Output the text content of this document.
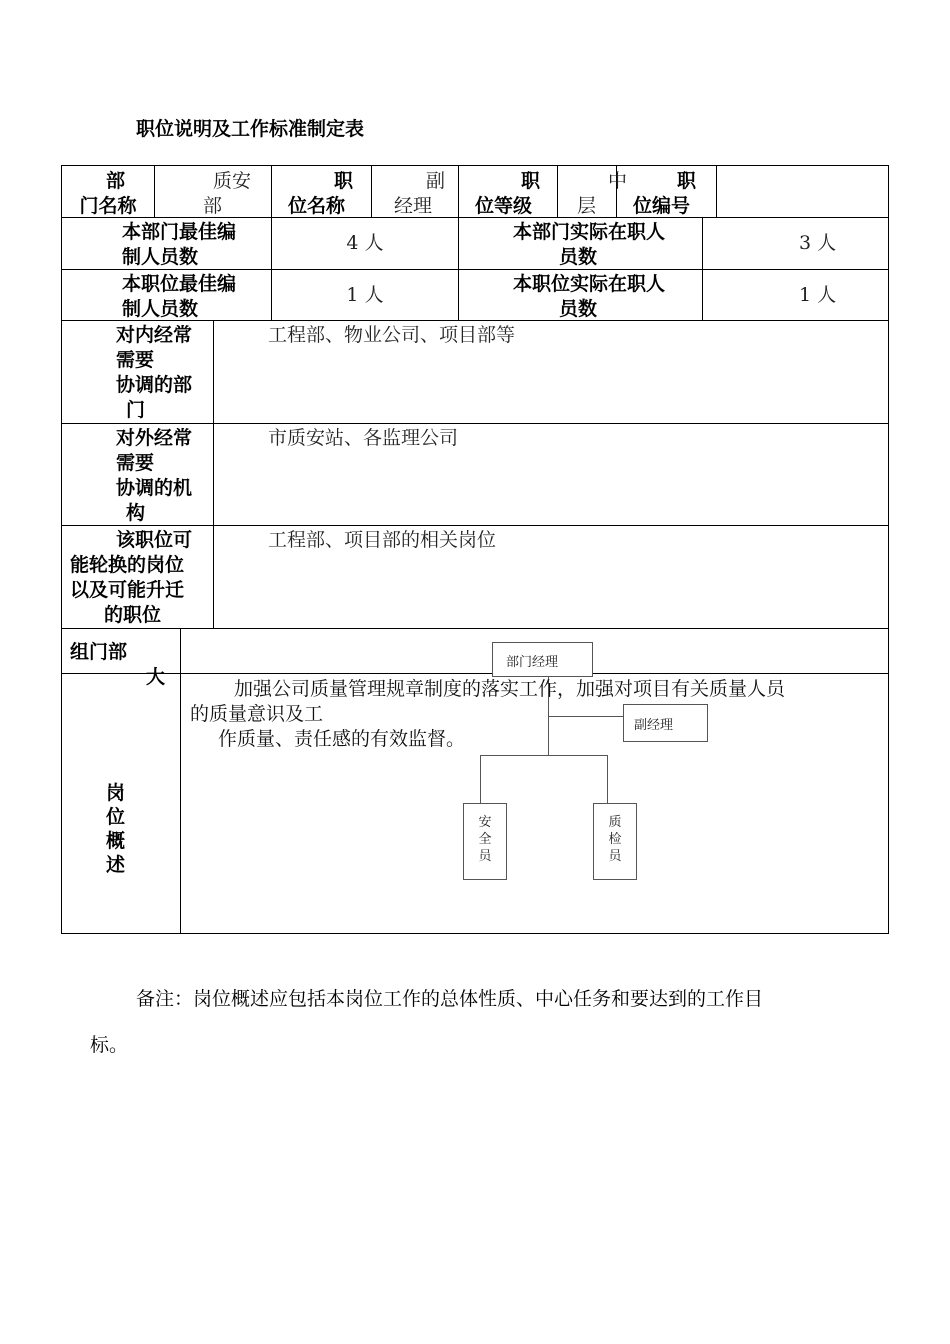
职位说明及工作标准制定表
部
门名称
质安
部
职
位名称
副
经理
职
位等级
中
层
职
位编号
本部门最佳编
制人员数
4 人	本部门实际在职人
员数
3 人
本职位最佳编
制人员数
1 人	本职位实际在职人
员数
1 人
对内经常
需要
协调的部
门
工程部、物业公司、项目部等
对外经常
需要
协调的机
构
市质安站、各监理公司
该职位可
能轮换的岗位
以及可能升迁
的职位
工程部、项目部的相关岗位
组门部
大
部门经理
副经理
安
全
员
质
检
员
岗
位
概
述
加强公司质量管理规章制度的落实工作，加强对项目有关质量人员
的质量意识及工
作质量、责任感的有效监督。
备注：岗位概述应包括本岗位工作的总体性质、中心任务和要达到的工作目
标。
